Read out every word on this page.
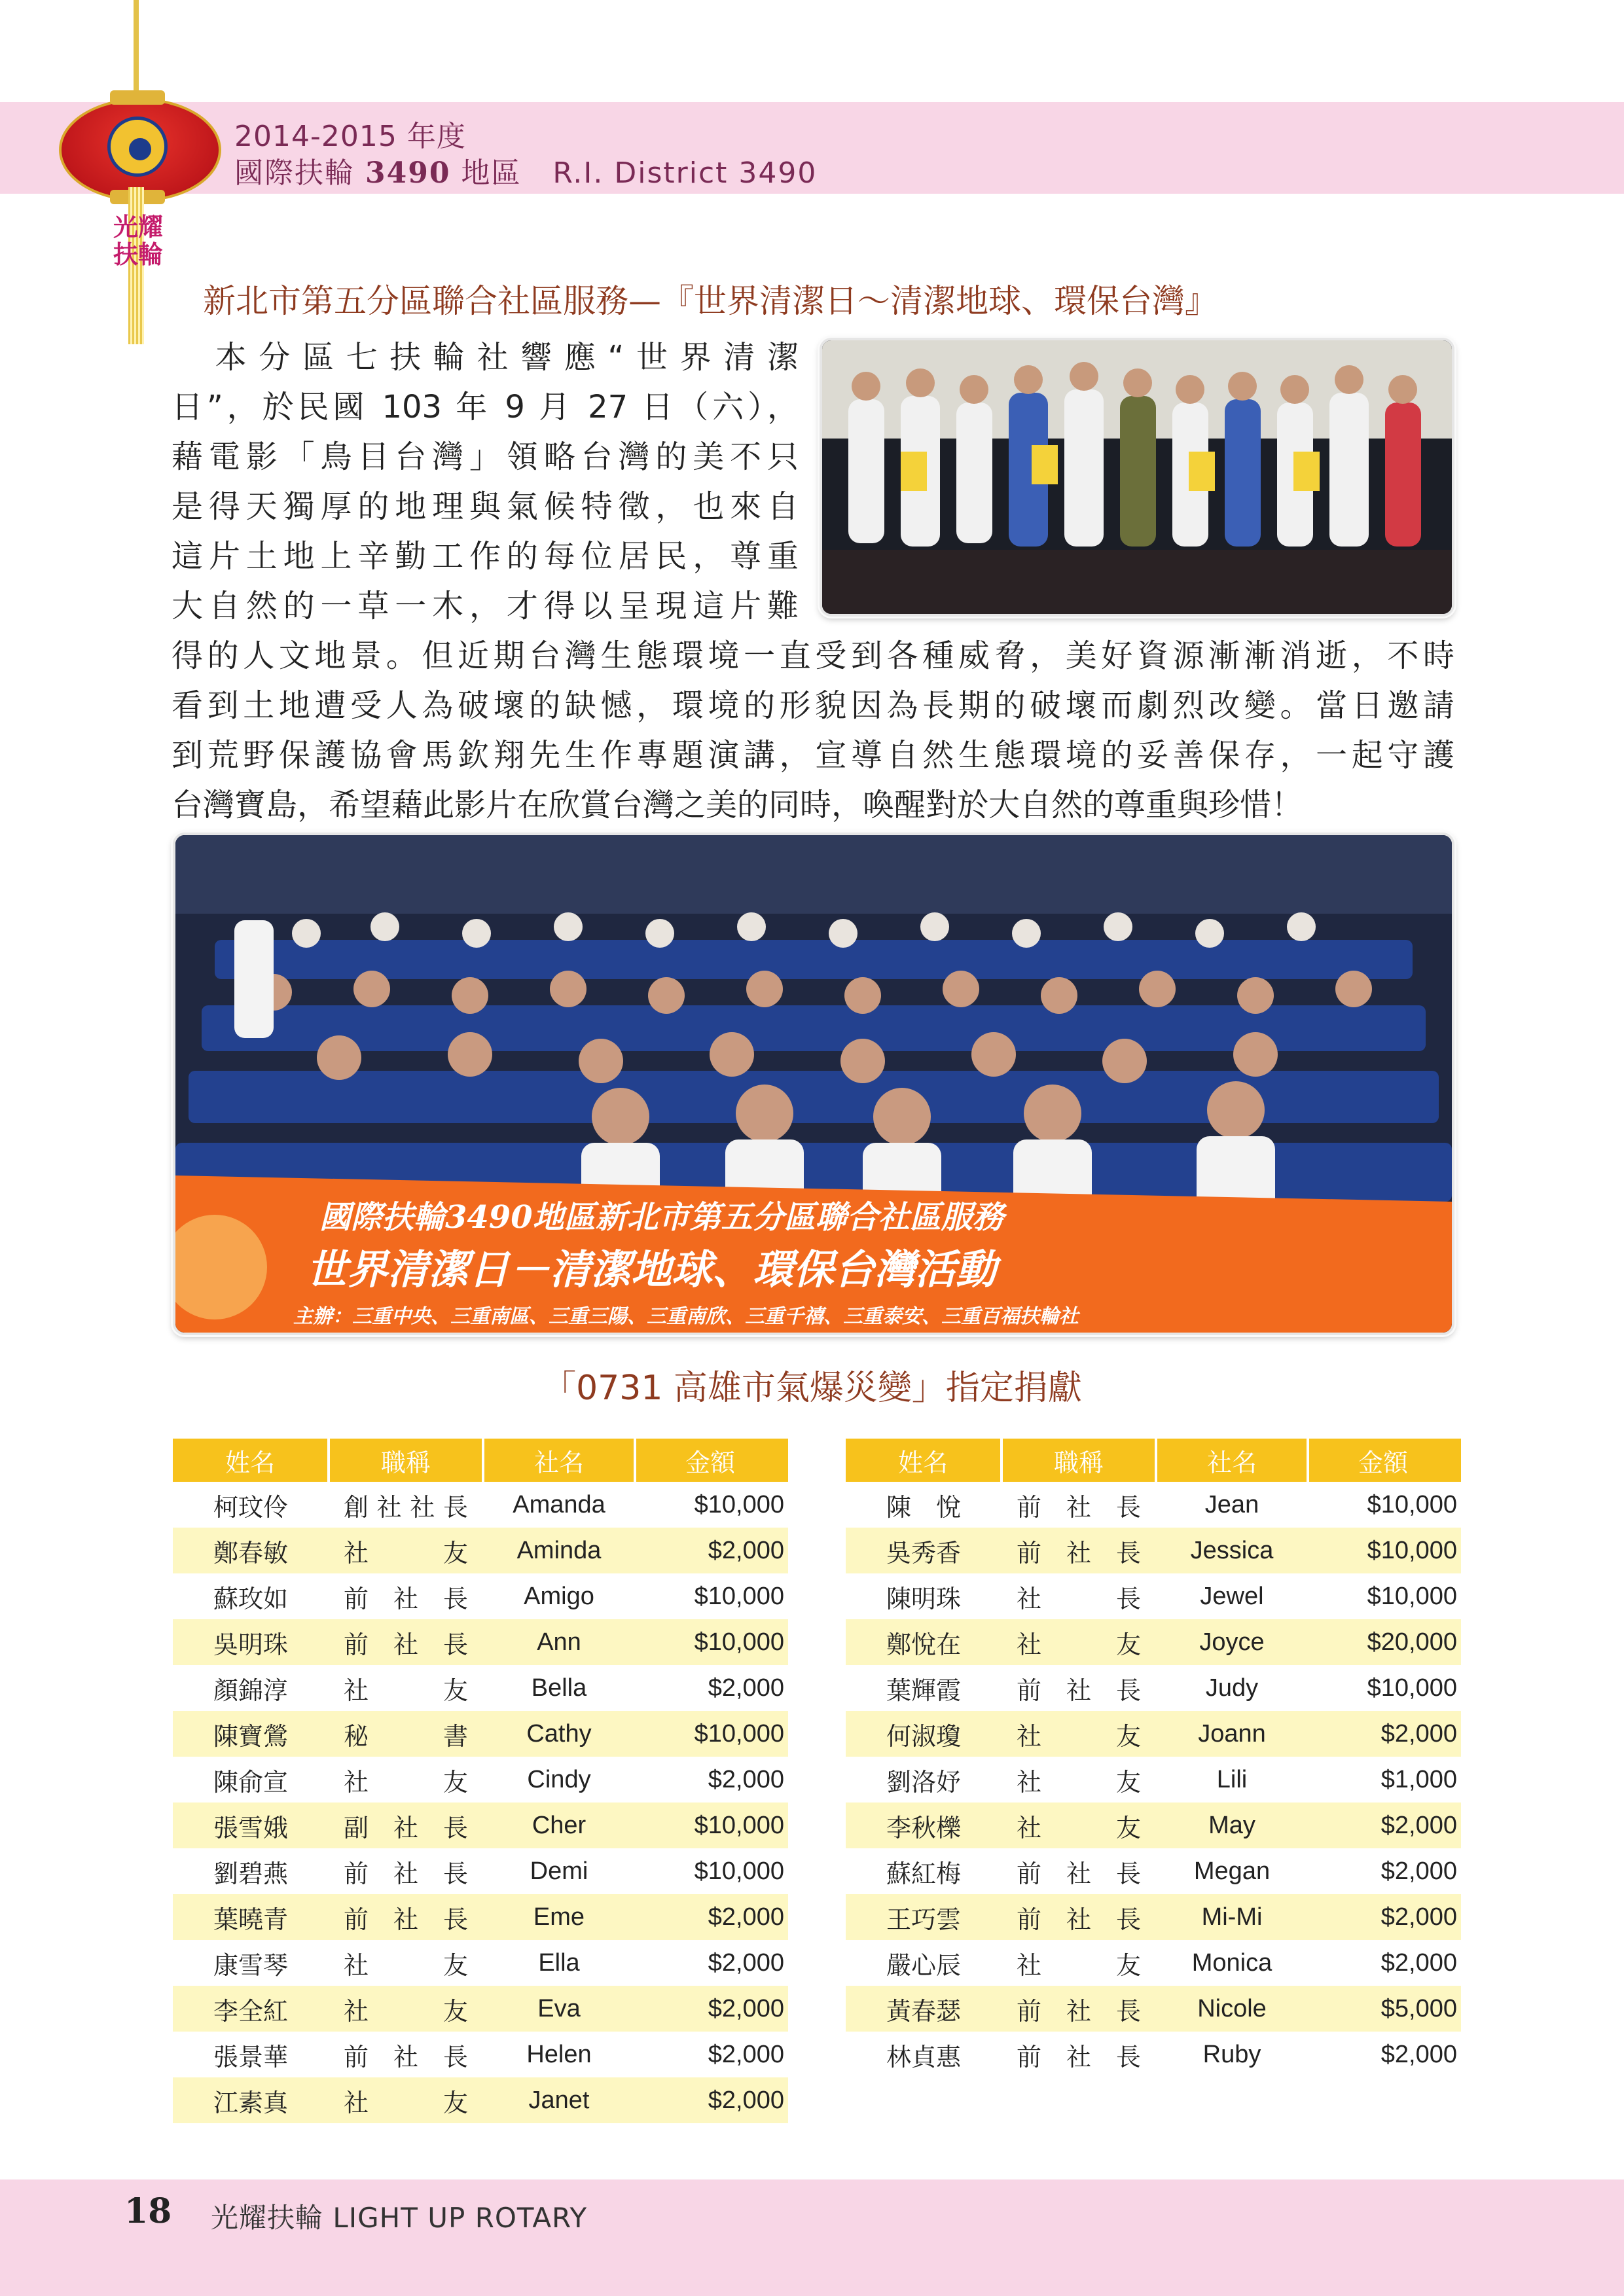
光耀
扶輪
2014-2015 年度
國際扶輪 3490 地區   R.I. District 3490
新北市第五分區聯合社區服務—『世界清潔日～清潔地球、環保台灣』
　本分區七扶輪社響應“世界清潔
日”，於民國 103 年 9 月 27 日（六），
藉電影「鳥目台灣」領略台灣的美不只
是得天獨厚的地理與氣候特徵，也來自
這片土地上辛勤工作的每位居民，尊重
大自然的一草一木，才得以呈現這片難
得的人文地景。但近期台灣生態環境一直受到各種威脅，美好資源漸漸消逝，不時
看到土地遭受人為破壞的缺憾，環境的形貌因為長期的破壞而劇烈改變。當日邀請
到荒野保護協會馬欽翔先生作專題演講，宣導自然生態環境的妥善保存，一起守護
台灣寶島，希望藉此影片在欣賞台灣之美的同時，喚醒對於大自然的尊重與珍惜！
國際扶輪3490地區新北市第五分區聯合社區服務
世界清潔日－清潔地球、環保台灣活動
主辦：三重中央、三重南區、三重三陽、三重南欣、三重千禧、三重泰安、三重百福扶輪社
「0731 高雄市氣爆災變」指定捐獻
姓名	職稱	社名	金額
柯玟伶	創社社長	Amanda	$10,000
鄭春敏	社友	Aminda	$2,000
蘇玫如	前社長	Amigo	$10,000
吳明珠	前社長	Ann	$10,000
顏錦淳	社友	Bella	$2,000
陳寶鶯	秘書	Cathy	$10,000
陳俞宣	社友	Cindy	$2,000
張雪娥	副社長	Cher	$10,000
劉碧燕	前社長	Demi	$10,000
葉曉青	前社長	Eme	$2,000
康雪琴	社友	Ella	$2,000
李全紅	社友	Eva	$2,000
張景華	前社長	Helen	$2,000
江素真	社友	Janet	$2,000
姓名	職稱	社名	金額
陳　悅	前社長	Jean	$10,000
吳秀香	前社長	Jessica	$10,000
陳明珠	社長	Jewel	$10,000
鄭悅在	社友	Joyce	$20,000
葉輝霞	前社長	Judy	$10,000
何淑瓊	社友	Joann	$2,000
劉洛妤	社友	Lili	$1,000
李秋櫟	社友	May	$2,000
蘇紅梅	前社長	Megan	$2,000
王巧雲	前社長	Mi-Mi	$2,000
嚴心辰	社友	Monica	$2,000
黃春瑟	前社長	Nicole	$5,000
林貞惠	前社長	Ruby	$2,000
18 光耀扶輪 LIGHT UP ROTARY
